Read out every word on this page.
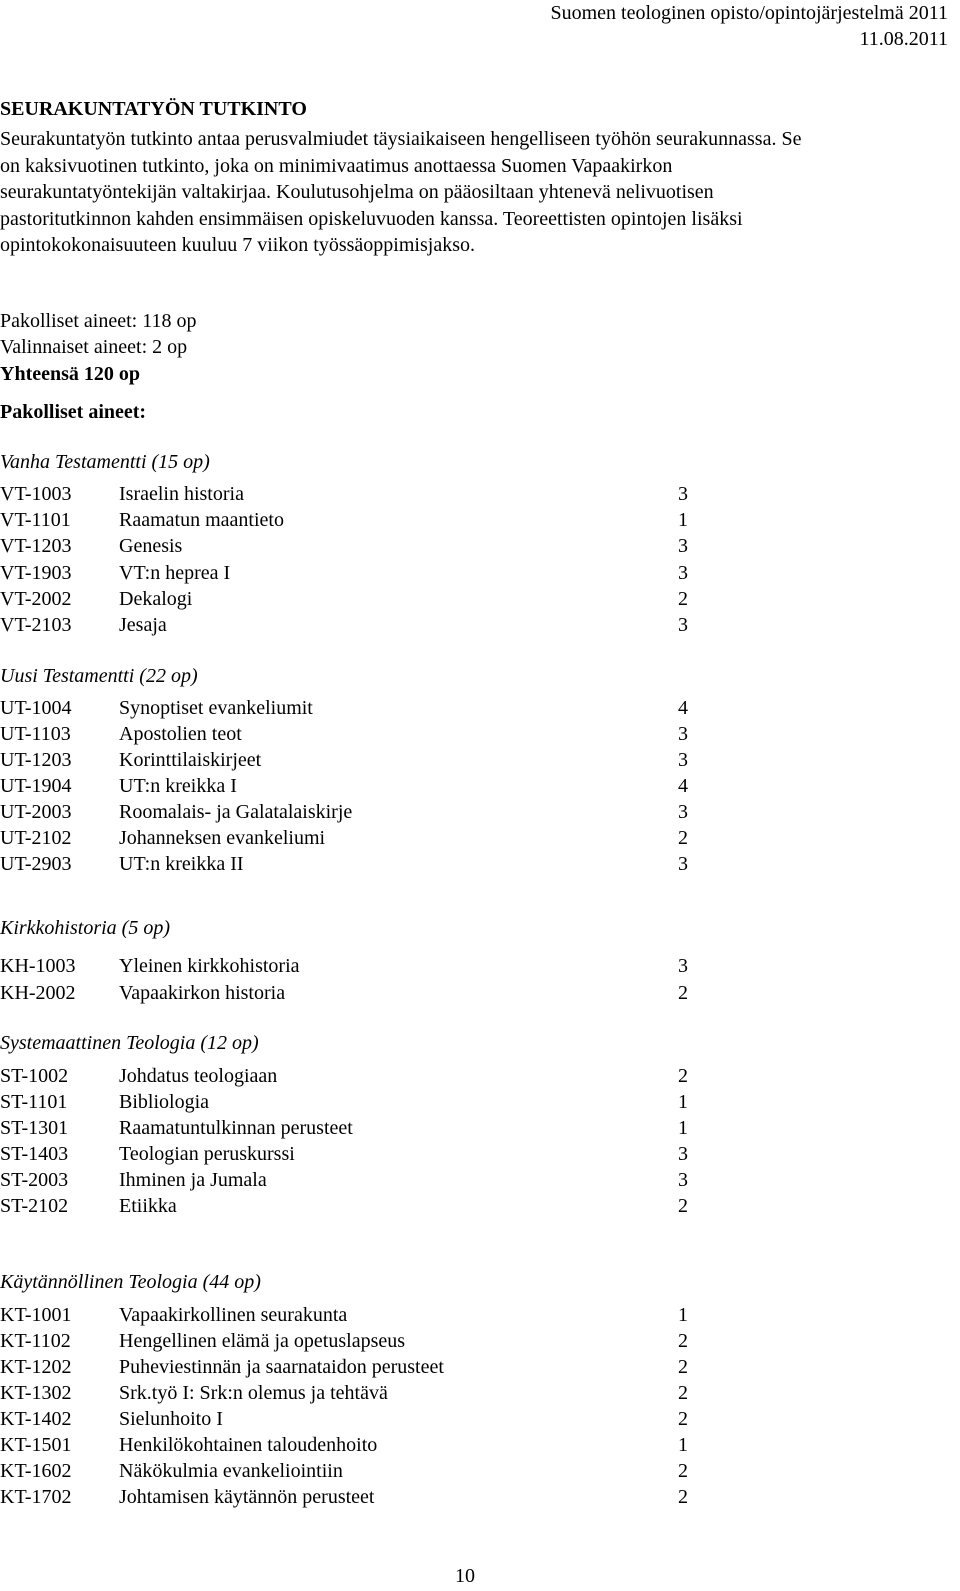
Suomen teologinen opisto/opintojärjestelmä 2011
11.08.2011
SEURAKUNTATYÖN TUTKINTO
Seurakuntatyön tutkinto antaa perusvalmiudet täysiaikaiseen hengelliseen työhön seurakunnassa. Se
on kaksivuotinen tutkinto, joka on minimivaatimus anottaessa Suomen Vapaakirkon
seurakuntatyöntekijän valtakirjaa. Koulutusohjelma on pääosiltaan yhtenevä nelivuotisen
pastoritutkinnon kahden ensimmäisen opiskeluvuoden kanssa. Teoreettisten opintojen lisäksi
opintokokonaisuuteen kuuluu 7 viikon työssäoppimisjakso.
Pakolliset aineet: 118 op
Valinnaiset aineet: 2 op
Yhteensä 120 op
Pakolliset aineet:
Vanha Testamentti (15 op)
VT-1003 Israelin historia	3
VT-1101 Raamatun maantieto	1
VT-1203 Genesis	3
VT-1903 VT:n heprea I	3
VT-2002 Dekalogi	2
VT-2103 Jesaja	3
Uusi Testamentti (22 op)
UT-1004 Synoptiset evankeliumit	4
UT-1103 Apostolien teot	3
UT-1203 Korinttilaiskirjeet	3
UT-1904 UT:n kreikka I	4
UT-2003 Roomalais- ja Galatalaiskirje	3
UT-2102 Johanneksen evankeliumi	2
UT-2903 UT:n kreikka II	3
Kirkkohistoria (5 op)
KH-1003 Yleinen kirkkohistoria	3
KH-2002 Vapaakirkon historia	2
Systemaattinen Teologia (12 op)
ST-1002	Johdatus teologiaan	2
ST-1101	Bibliologia	1
ST-1301	Raamatuntulkinnan perusteet	1
ST-1403	Teologian peruskurssi	3
ST-2003	Ihminen ja Jumala	3
ST-2102	Etiikka	2
Käytännöllinen Teologia (44 op)
KT-1001 Vapaakirkollinen seurakunta	1
KT-1102 Hengellinen elämä ja opetuslapseus	2
KT-1202 Puheviestinnän ja saarnataidon perusteet	2
KT-1302 Srk.työ I: Srk:n olemus ja tehtävä	2
KT-1402 Sielunhoito I	2
KT-1501 Henkilökohtainen taloudenhoito	1
KT-1602 Näkökulmia evankeliointiin	2
KT-1702 Johtamisen käytännön perusteet	2
10
